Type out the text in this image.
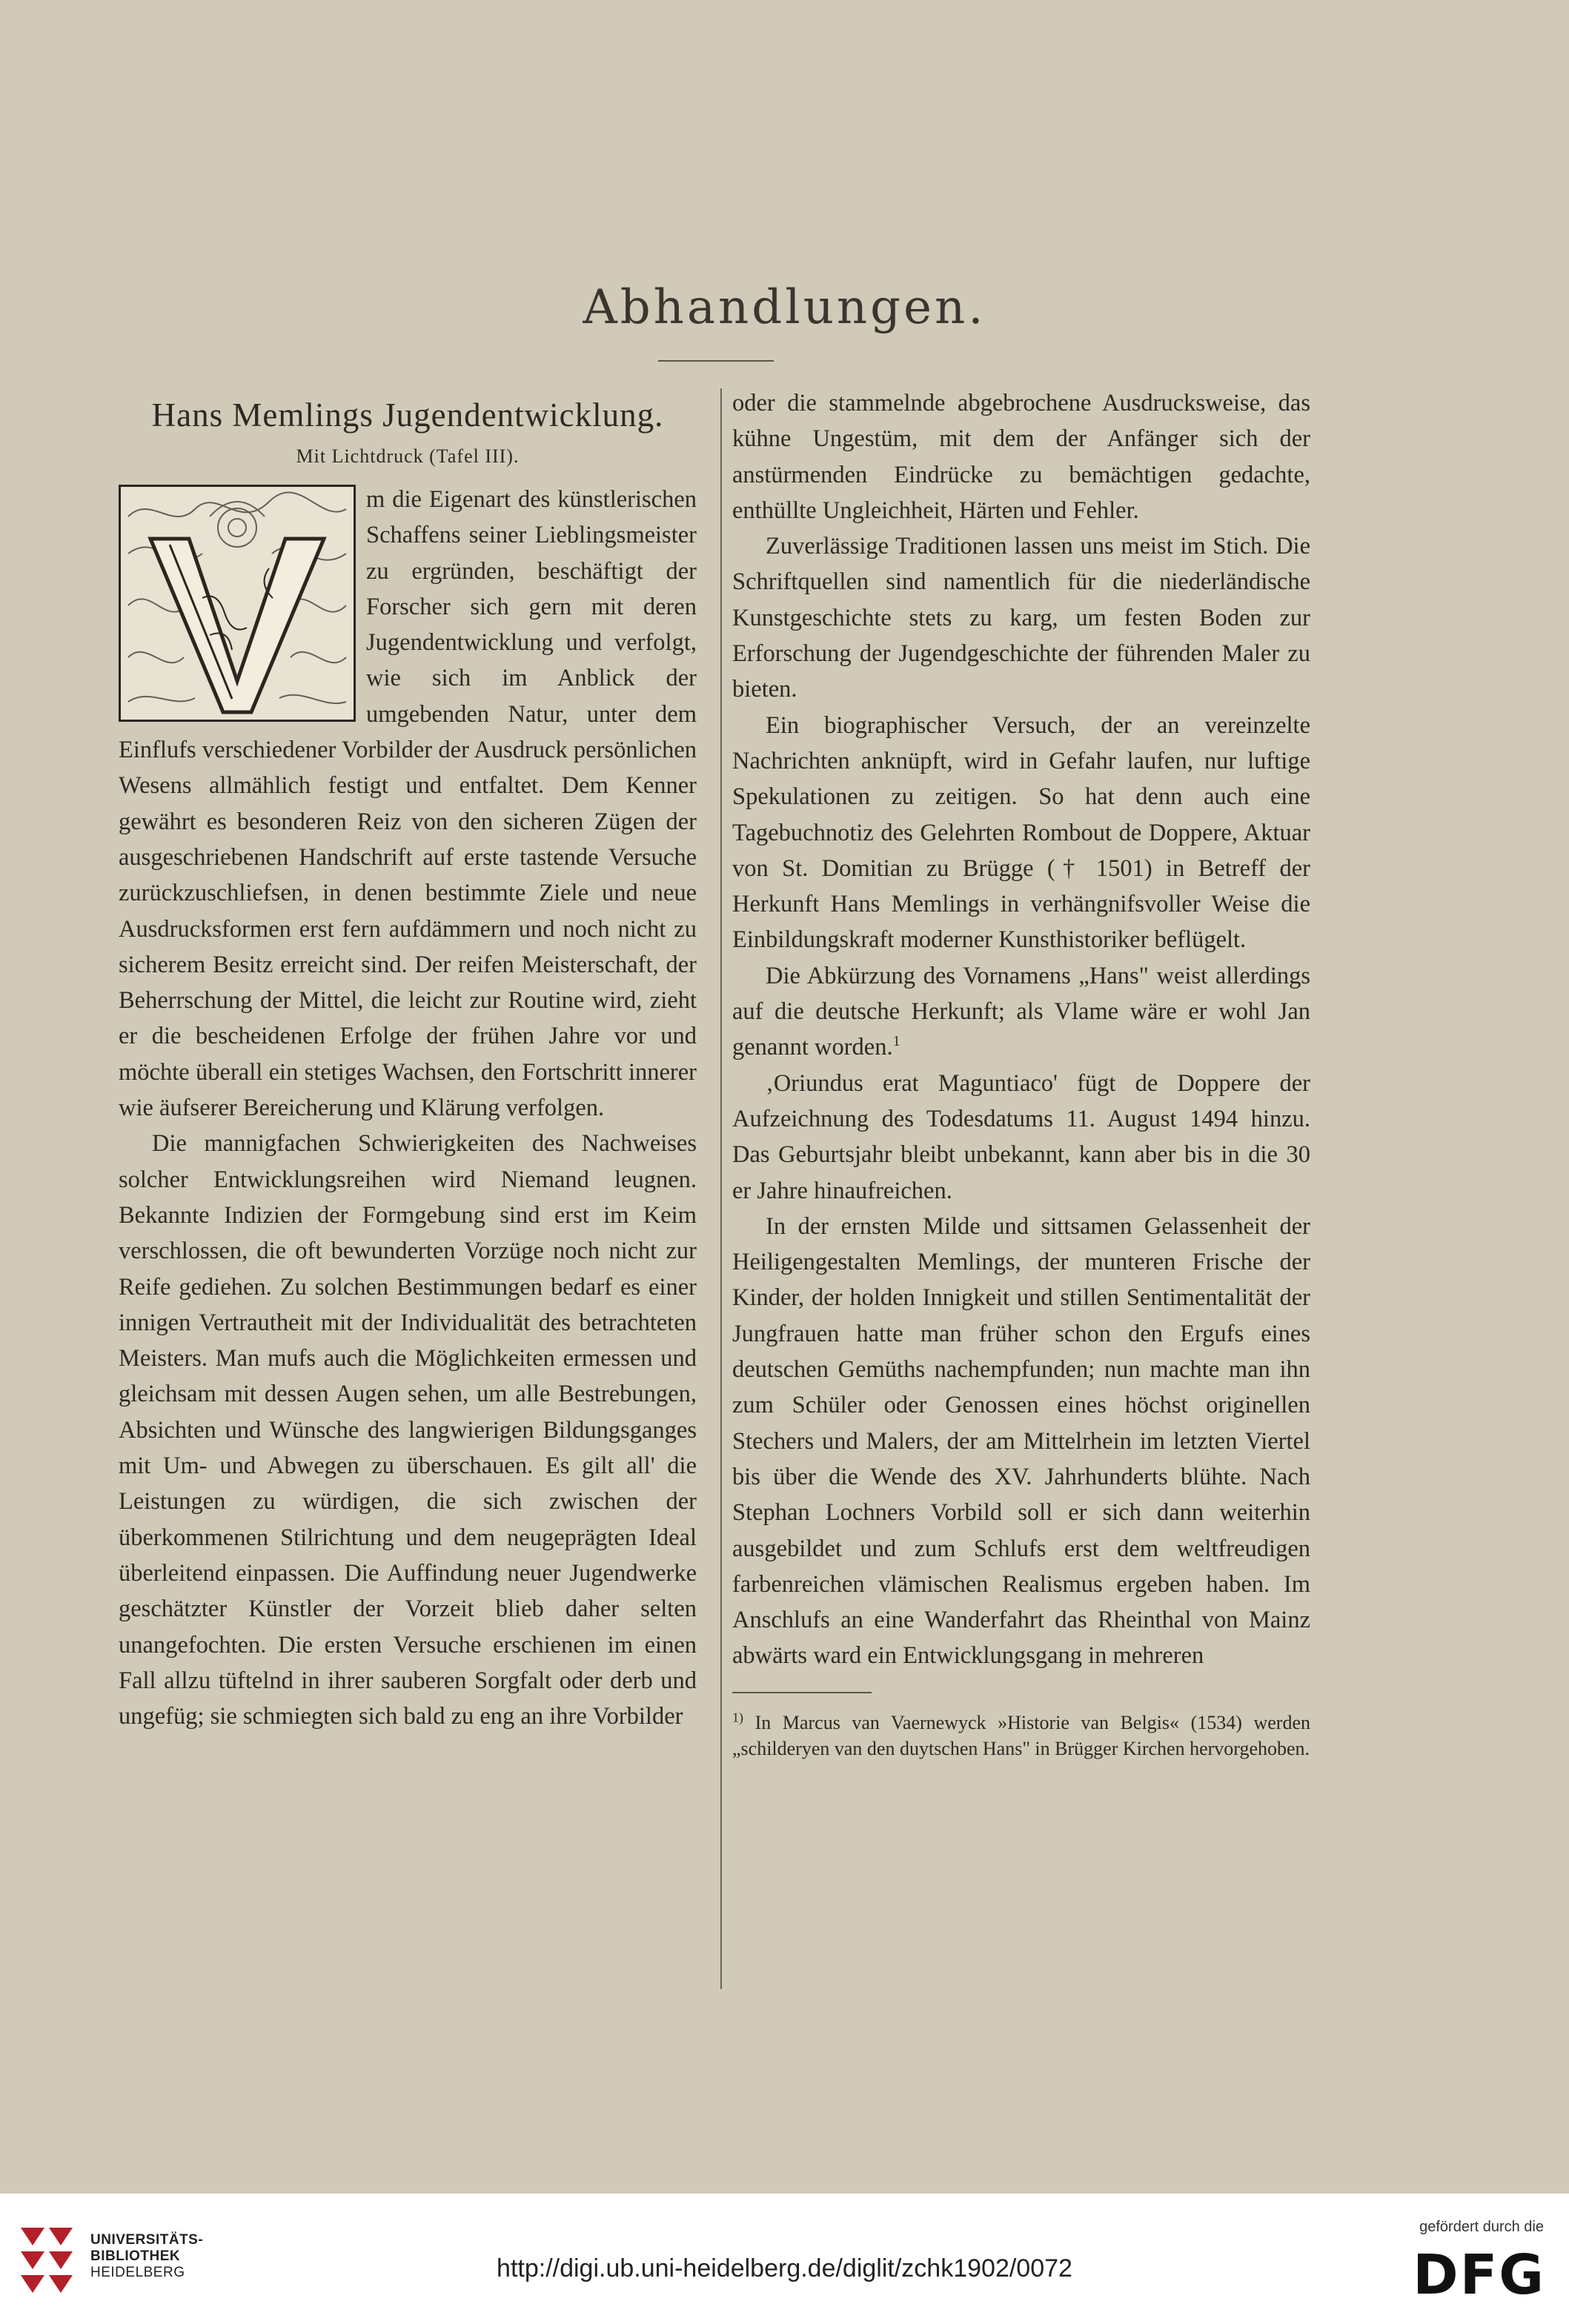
Abhandlungen.
Hans Memlings Jugendentwicklung.
Mit Lichtdruck (Tafel III).

m die Eigenart des künstlerischen Schaffens seiner Lieblingsmeister zu ergründen, beschäftigt der Forscher sich gern mit deren Jugendentwicklung und verfolgt, wie sich im Anblick der umgebenden Natur, unter dem Einflufs verschiedener Vorbilder der Ausdruck persönlichen Wesens allmählich festigt und entfaltet. Dem Kenner gewährt es besonderen Reiz von den sicheren Zügen der ausgeschriebenen Handschrift auf erste tastende Versuche zurückzuschliefsen, in denen bestimmte Ziele und neue Ausdrucksformen erst fern aufdämmern und noch nicht zu sicherem Besitz erreicht sind. Der reifen Meisterschaft, der Beherrschung der Mittel, die leicht zur Routine wird, zieht er die bescheidenen Erfolge der frühen Jahre vor und möchte überall ein stetiges Wachsen, den Fortschritt innerer wie äufserer Bereicherung und Klärung verfolgen.

Die mannigfachen Schwierigkeiten des Nachweises solcher Entwicklungsreihen wird Niemand leugnen. Bekannte Indizien der Formgebung sind erst im Keim verschlossen, die oft bewunderten Vorzüge noch nicht zur Reife gediehen. Zu solchen Bestimmungen bedarf es einer innigen Vertrautheit mit der Individualität des betrachteten Meisters. Man mufs auch die Möglichkeiten ermessen und gleichsam mit dessen Augen sehen, um alle Bestrebungen, Absichten und Wünsche des langwierigen Bildungsganges mit Um- und Abwegen zu überschauen. Es gilt all' die Leistungen zu würdigen, die sich zwischen der überkommenen Stilrichtung und dem neugeprägten Ideal überleitend einpassen. Die Auffindung neuer Jugendwerke geschätzter Künstler der Vorzeit blieb daher selten unangefochten. Die ersten Versuche erschienen im einen Fall allzu tüftelnd in ihrer sauberen Sorgfalt oder derb und ungefüg; sie schmiegten sich bald zu eng an ihre Vorbilder

oder die stammelnde abgebrochene Ausdrucksweise, das kühne Ungestüm, mit dem der Anfänger sich der anstürmenden Eindrücke zu bemächtigen gedachte, enthüllte Ungleichheit, Härten und Fehler.

Zuverlässige Traditionen lassen uns meist im Stich. Die Schriftquellen sind namentlich für die niederländische Kunstgeschichte stets zu karg, um festen Boden zur Erforschung der Jugendgeschichte der führenden Maler zu bieten.

Ein biographischer Versuch, der an vereinzelte Nachrichten anknüpft, wird in Gefahr laufen, nur luftige Spekulationen zu zeitigen. So hat denn auch eine Tagebuchnotiz des Gelehrten Rombout de Doppere, Aktuar von St. Domitian zu Brügge († 1501) in Betreff der Herkunft Hans Memlings in verhängnifsvoller Weise die Einbildungskraft moderner Kunsthistoriker beflügelt.

Die Abkürzung des Vornamens „Hans" weist allerdings auf die deutsche Herkunft; als Vlame wäre er wohl Jan genannt worden.$^1$

‚Oriundus erat Maguntiaco' fügt de Doppere der Aufzeichnung des Todesdatums 11. August 1494 hinzu. Das Geburtsjahr bleibt unbekannt, kann aber bis in die 30 er Jahre hinaufreichen.

In der ernsten Milde und sittsamen Gelassenheit der Heiligengestalten Memlings, der munteren Frische der Kinder, der holden Innigkeit und stillen Sentimentalität der Jungfrauen hatte man früher schon den Ergufs eines deutschen Gemüths nachempfunden; nun machte man ihn zum Schüler oder Genossen eines höchst originellen Stechers und Malers, der am Mittelrhein im letzten Viertel bis über die Wende des XV. Jahrhunderts blühte. Nach Stephan Lochners Vorbild soll er sich dann weiterhin ausgebildet und zum Schlufs erst dem weltfreudigen farbenreichen vlämischen Realismus ergeben haben. Im Anschlufs an eine Wanderfahrt das Rheinthal von Mainz abwärts ward ein Entwicklungsgang in mehreren

$^{1)}$ In Marcus van Vaernewyck »Historie van Belgis« (1534) werden „schilderyen van den duytschen Hans" in Brügger Kirchen hervorgehoben.

UNIVERSITÄTS-
BIBLIOTHEK
HEIDELBERG	http://digi.ub.uni-heidelberg.de/diglit/zchk1902/0072
gefördert durch die
DFG
